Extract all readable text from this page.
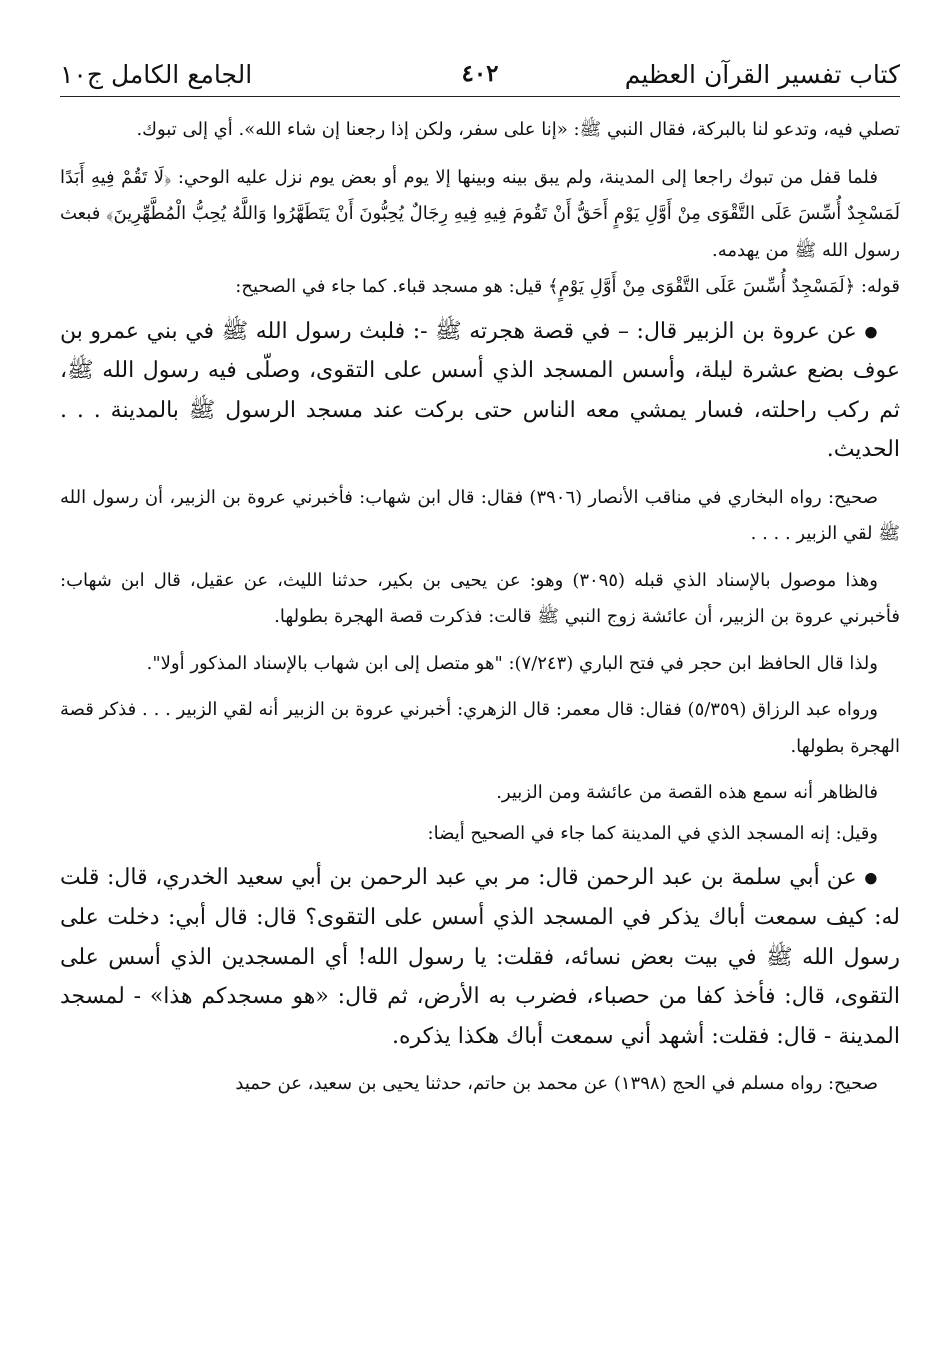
كتاب تفسير القرآن العظيم
٤٠٢
الجامع الكامل ج١٠

تصلي فيه، وتدعو لنا بالبركة، فقال النبي ﷺ: «إنا على سفر، ولكن إذا رجعنا إن شاء الله». أي إلى تبوك.

فلما قفل من تبوك راجعا إلى المدينة، ولم يبق بينه وبينها إلا يوم أو بعض يوم نزل عليه الوحي: ﴿لَا تَقُمْ فِيهِ أَبَدًا لَمَسْجِدٌ أُسِّسَ عَلَى التَّقْوَى مِنْ أَوَّلِ يَوْمٍ أَحَقُّ أَنْ تَقُومَ فِيهِ فِيهِ رِجَالٌ يُحِبُّونَ أَنْ يَتَطَهَّرُوا وَاللَّهُ يُحِبُّ الْمُطَّهِّرِينَ﴾ فبعث رسول الله ﷺ من يهدمه.

قوله: ﴿لَمَسْجِدٌ أُسِّسَ عَلَى التَّقْوَى مِنْ أَوَّلِ يَوْمٍ﴾ قيل: هو مسجد قباء. كما جاء في الصحيح:

● عن عروة بن الزبير قال: – في قصة هجرته ﷺ -: فلبث رسول الله ﷺ في بني عمرو بن عوف بضع عشرة ليلة، وأسس المسجد الذي أسس على التقوى، وصلّى فيه رسول الله ﷺ، ثم ركب راحلته، فسار يمشي معه الناس حتى بركت عند مسجد الرسول ﷺ بالمدينة . . . الحديث.

صحيح: رواه البخاري في مناقب الأنصار (٣٩٠٦) فقال: قال ابن شهاب: فأخبرني عروة بن الزبير، أن رسول الله ﷺ لقي الزبير . . . .

وهذا موصول بالإسناد الذي قبله (٣٠٩٥) وهو: عن يحيى بن بكير، حدثنا الليث، عن عقيل، قال ابن شهاب: فأخبرني عروة بن الزبير، أن عائشة زوج النبي ﷺ قالت: فذكرت قصة الهجرة بطولها.

ولذا قال الحافظ ابن حجر في فتح الباري (٧/٢٤٣): "هو متصل إلى ابن شهاب بالإسناد المذكور أولا".

ورواه عبد الرزاق (٥/٣٥٩) فقال: قال معمر: قال الزهري: أخبرني عروة بن الزبير أنه لقي الزبير . . . فذكر قصة الهجرة بطولها.

فالظاهر أنه سمع هذه القصة من عائشة ومن الزبير.

وقيل: إنه المسجد الذي في المدينة كما جاء في الصحيح أيضا:

● عن أبي سلمة بن عبد الرحمن قال: مر بي عبد الرحمن بن أبي سعيد الخدري، قال: قلت له: كيف سمعت أباك يذكر في المسجد الذي أسس على التقوى؟ قال: قال أبي: دخلت على رسول الله ﷺ في بيت بعض نسائه، فقلت: يا رسول الله! أي المسجدين الذي أسس على التقوى، قال: فأخذ كفا من حصباء، فضرب به الأرض، ثم قال: «هو مسجدكم هذا» - لمسجد المدينة - قال: فقلت: أشهد أني سمعت أباك هكذا يذكره.

صحيح: رواه مسلم في الحج (١٣٩٨) عن محمد بن حاتم، حدثنا يحيى بن سعيد، عن حميد
